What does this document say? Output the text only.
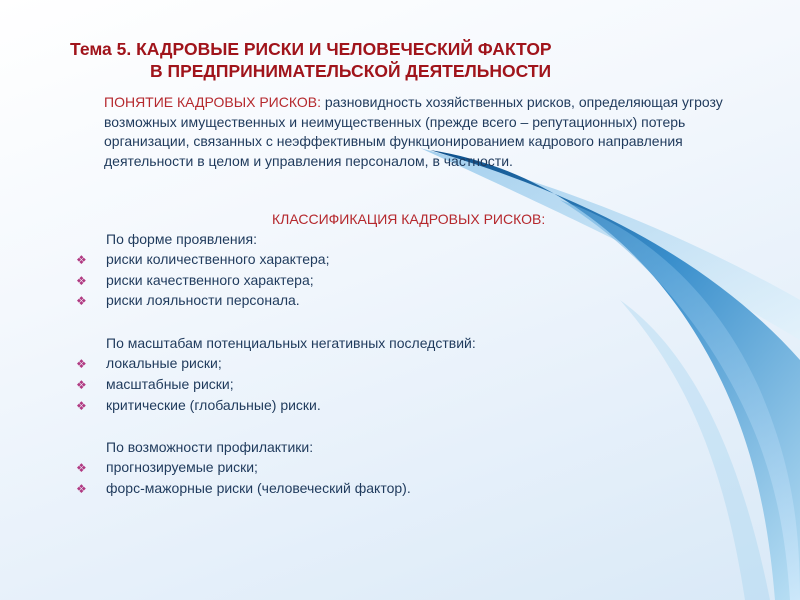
Тема 5. КАДРОВЫЕ РИСКИ И ЧЕЛОВЕЧЕСКИЙ ФАКТОР
В ПРЕДПРИНИМАТЕЛЬСКОЙ ДЕЯТЕЛЬНОСТИ
ПОНЯТИЕ КАДРОВЫХ РИСКОВ: разновидность хозяйственных рисков, определяющая угрозу возможных имущественных и неимущественных (прежде всего – репутационных) потерь организации, связанных с неэффективным функционированием кадрового направления деятельности в целом и управления персоналом, в частности.
КЛАССИФИКАЦИЯ КАДРОВЫХ РИСКОВ:
По форме проявления:
❖ риски количественного характера;
❖ риски качественного характера;
❖ риски лояльности персонала.
По масштабам потенциальных негативных последствий:
❖ локальные риски;
❖ масштабные риски;
❖ критические (глобальные) риски.
По возможности профилактики:
❖ прогнозируемые риски;
❖ форс-мажорные риски (человеческий фактор).
